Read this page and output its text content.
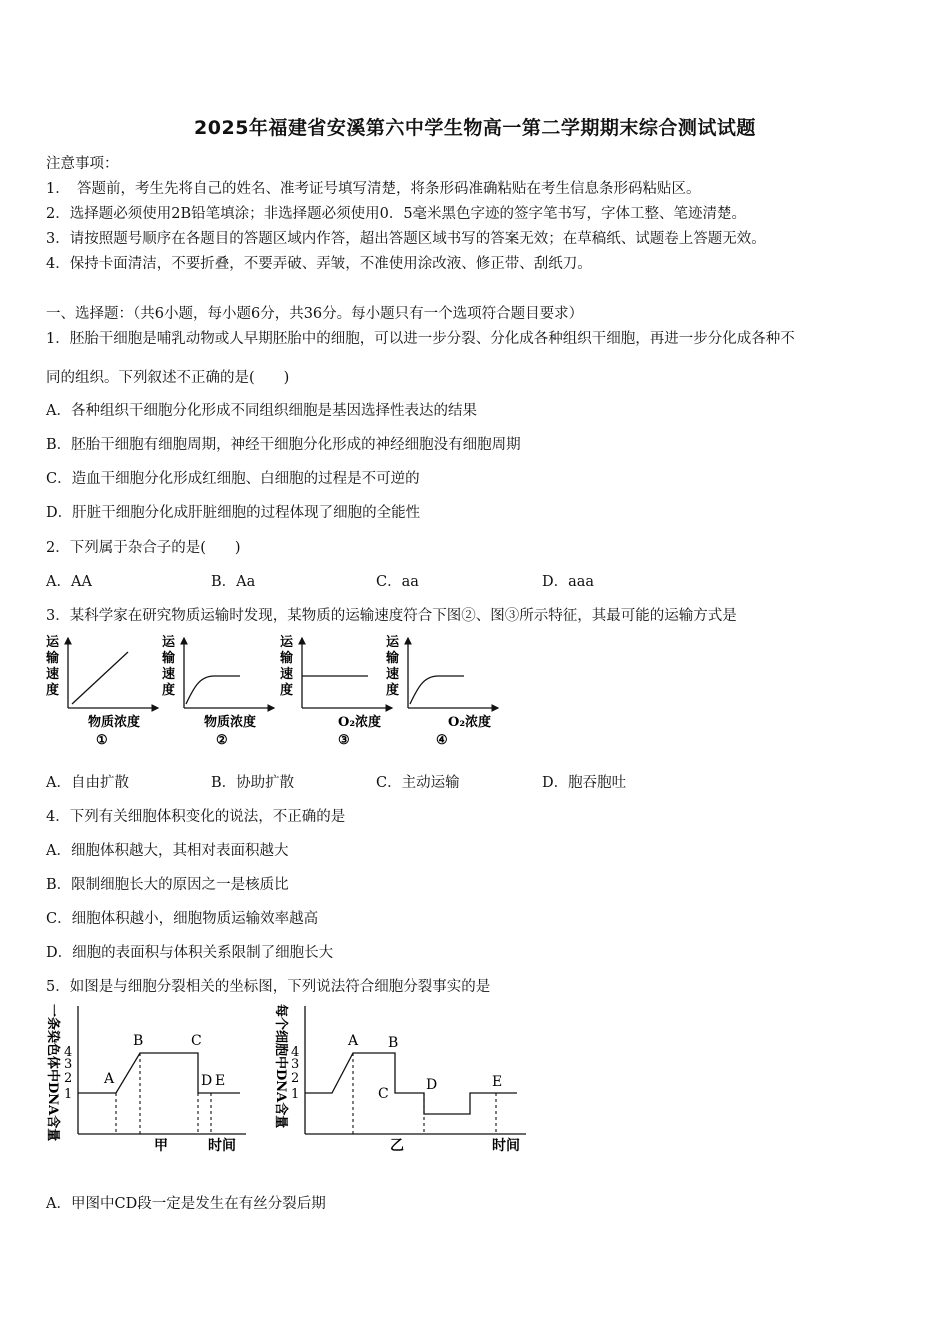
2025年福建省安溪第六中学生物高一第二学期期末综合测试试题
注意事项：
1．　答题前，考生先将自己的姓名、准考证号填写清楚，将条形码准确粘贴在考生信息条形码粘贴区。
2．选择题必须使用2B铅笔填涂；非选择题必须使用0．5毫米黑色字迹的签字笔书写，字体工整、笔迹清楚。
3．请按照题号顺序在各题目的答题区域内作答，超出答题区域书写的答案无效；在草稿纸、试题卷上答题无效。
4．保持卡面清洁，不要折叠，不要弄破、弄皱，不准使用涂改液、修正带、刮纸刀。
一、选择题：（共6小题，每小题6分，共36分。每小题只有一个选项符合题目要求）
1．胚胎干细胞是哺乳动物或人早期胚胎中的细胞，可以进一步分裂、分化成各种组织干细胞，再进一步分化成各种不
同的组织。下列叙述不正确的是(　　)
A．各种组织干细胞分化形成不同组织细胞是基因选择性表达的结果
B．胚胎干细胞有细胞周期，神经干细胞分化形成的神经细胞没有细胞周期
C．造血干细胞分化形成红细胞、白细胞的过程是不可逆的
D．肝脏干细胞分化成肝脏细胞的过程体现了细胞的全能性
2．下列属于杂合子的是(　　)
A．AA	B．Aa	C．aa	D．aaa
3．某科学家在研究物质运输时发现，某物质的运输速度符合下图②、图③所示特征，其最可能的运输方式是
运
输
速
度
物质浓度
①
运
输
速
度
物质浓度
②
运
输
速
度
O₂浓度
③
运
输
速
度
O₂浓度
④
A．自由扩散	B．协助扩散	C．主动运输	D．胞吞胞吐
4．下列有关细胞体积变化的说法，不正确的是
A．细胞体积越大，其相对表面积越大
B．限制细胞长大的原因之一是核质比
C．细胞体积越小，细胞物质运输效率越高
D．细胞的表面积与体积关系限制了细胞长大
5．如图是与细胞分裂相关的坐标图，下列说法符合细胞分裂事实的是
一条染色体中DNA含量 4
3
2
1
A
B	C
D E
甲	时间
每个细胞中DNA含量 4
3
2
1
A B
C
D	E
乙	时间
A．甲图中CD段一定是发生在有丝分裂后期
